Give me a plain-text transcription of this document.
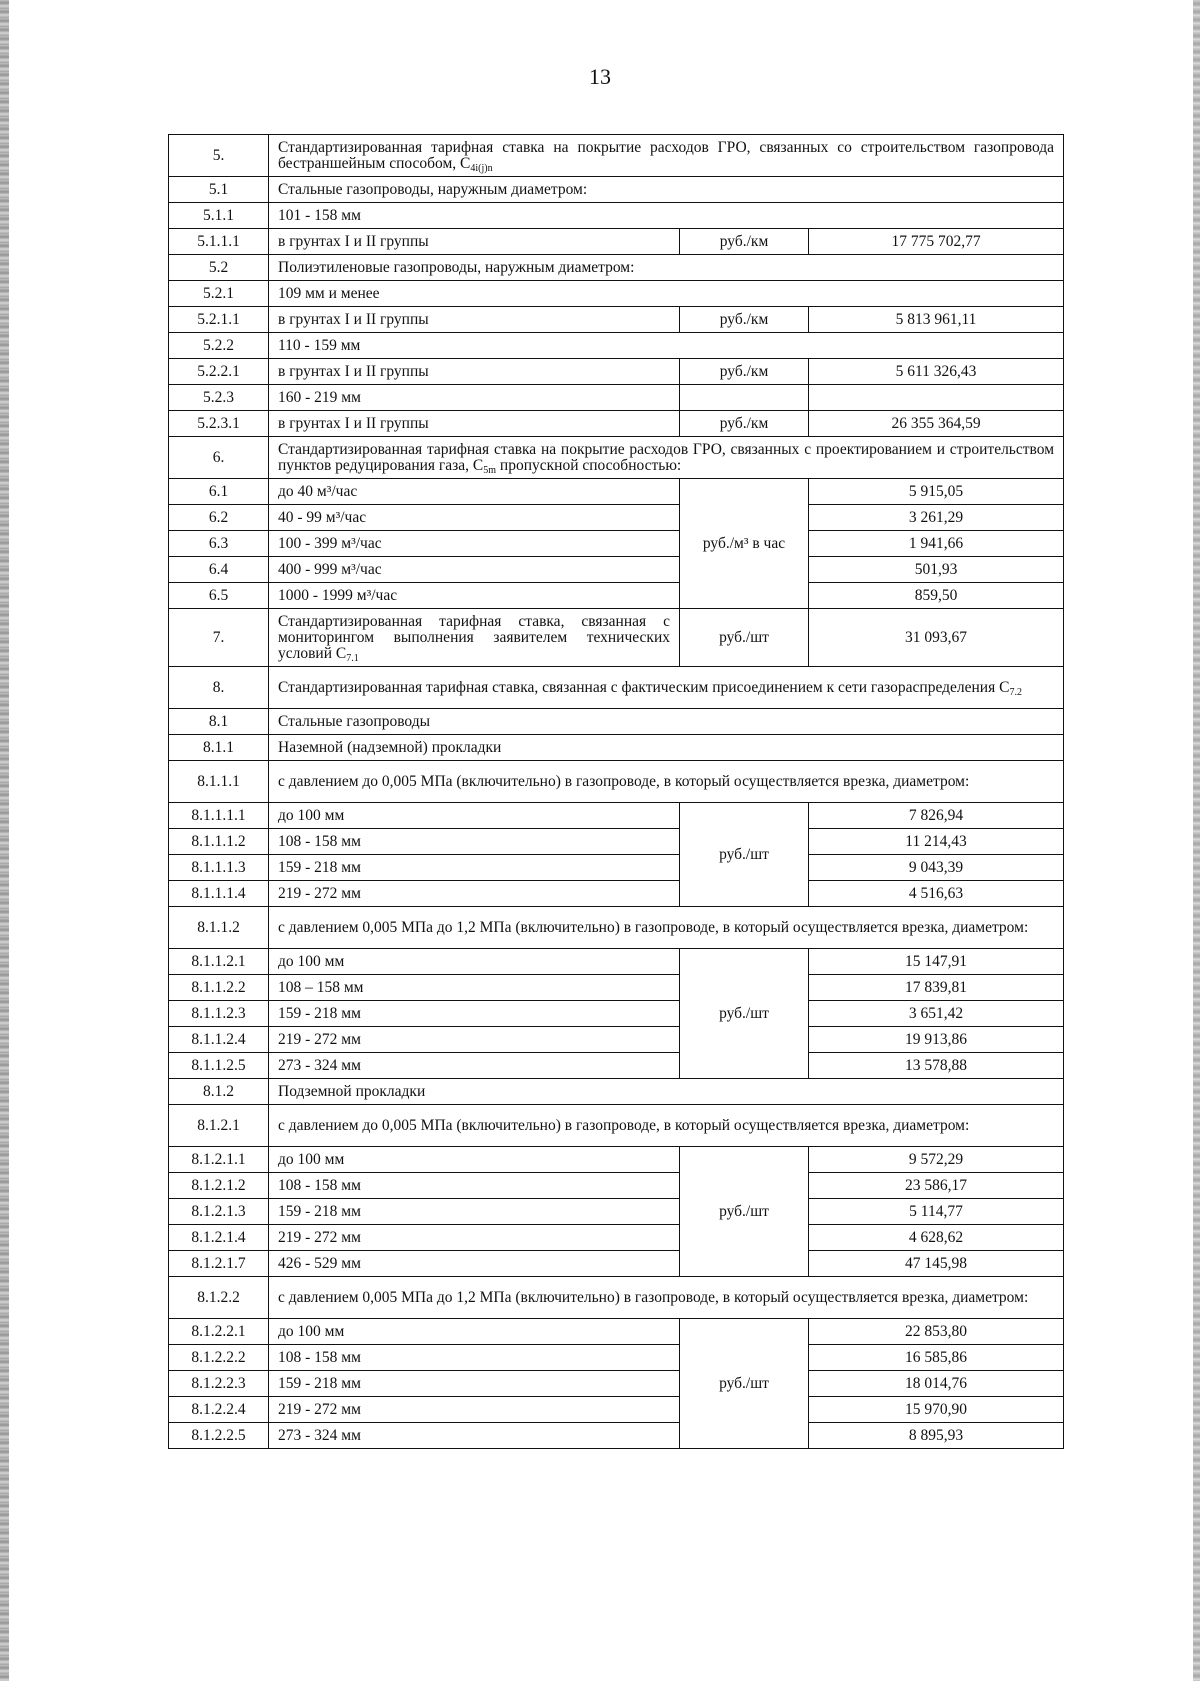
13
5.	Стандартизированная тарифная ставка на покрытие расходов ГРО, связанных со строительством газопровода бестраншейным способом, $С_{4i(j)n}$
5.1	Стальные газопроводы, наружным диаметром:		
5.1.1	101 - 158 мм		
5.1.1.1	в грунтах I и II группы	руб./км	17 775 702,77
5.2	Полиэтиленовые газопроводы, наружным диаметром:		
5.2.1	109 мм и менее		
5.2.1.1	в грунтах I и II группы	руб./км	5 813 961,11
5.2.2	110 - 159 мм		
5.2.2.1	в грунтах I и II группы	руб./км	5 611 326,43
5.2.3	160 - 219 мм		
5.2.3.1	в грунтах I и II группы	руб./км	26 355 364,59
6.	Стандартизированная тарифная ставка на покрытие расходов ГРО, связанных с проектированием и строительством пунктов редуцирования газа, $С_{5m}$ пропускной способностью:		
6.1	до 40 м³/час	руб./м³ в час	5 915,05
6.2	40 - 99 м³/час		3 261,29
6.3	100 - 399 м³/час		1 941,66
6.4	400 - 999 м³/час		501,93
6.5	1000 - 1999 м³/час		859,50
7.	Стандартизированная тарифная ставка, связанная с мониторингом выполнения заявителем технических условий $С_{7.1}$	руб./шт	31 093,67
8.	Стандартизированная тарифная ставка, связанная с фактическим присоединением к сети газораспределения $С_{7.2}$
8.1	Стальные газопроводы		
8.1.1	Наземной (надземной) прокладки		
8.1.1.1	с давлением до 0,005 МПа (включительно) в газопроводе, в который осуществляется врезка, диаметром:		
8.1.1.1.1	до 100 мм	руб./шт	7 826,94
8.1.1.1.2	108 - 158 мм		11 214,43
8.1.1.1.3	159 - 218 мм		9 043,39
8.1.1.1.4	219 - 272 мм		4 516,63
8.1.1.2	с давлением 0,005 МПа до 1,2 МПа (включительно) в газопроводе, в который осуществляется врезка, диаметром:		
8.1.1.2.1	до 100 мм	руб./шт	15 147,91
8.1.1.2.2	108 – 158 мм		17 839,81
8.1.1.2.3	159 - 218 мм		3 651,42
8.1.1.2.4	219 - 272 мм		19 913,86
8.1.1.2.5	273 - 324 мм		13 578,88
8.1.2	Подземной прокладки		
8.1.2.1	с давлением до 0,005 МПа (включительно) в газопроводе, в который осуществляется врезка, диаметром:		
8.1.2.1.1	до 100 мм	руб./шт	9 572,29
8.1.2.1.2	108 - 158 мм		23 586,17
8.1.2.1.3	159 - 218 мм		5 114,77
8.1.2.1.4	219 - 272 мм		4 628,62
8.1.2.1.7	426 - 529 мм		47 145,98
8.1.2.2	с давлением 0,005 МПа до 1,2 МПа (включительно) в газопроводе, в который осуществляется врезка, диаметром:		
8.1.2.2.1	до 100 мм	руб./шт	22 853,80
8.1.2.2.2	108 - 158 мм		16 585,86
8.1.2.2.3	159 - 218 мм		18 014,76
8.1.2.2.4	219 - 272 мм		15 970,90
8.1.2.2.5	273 - 324 мм		8 895,93
